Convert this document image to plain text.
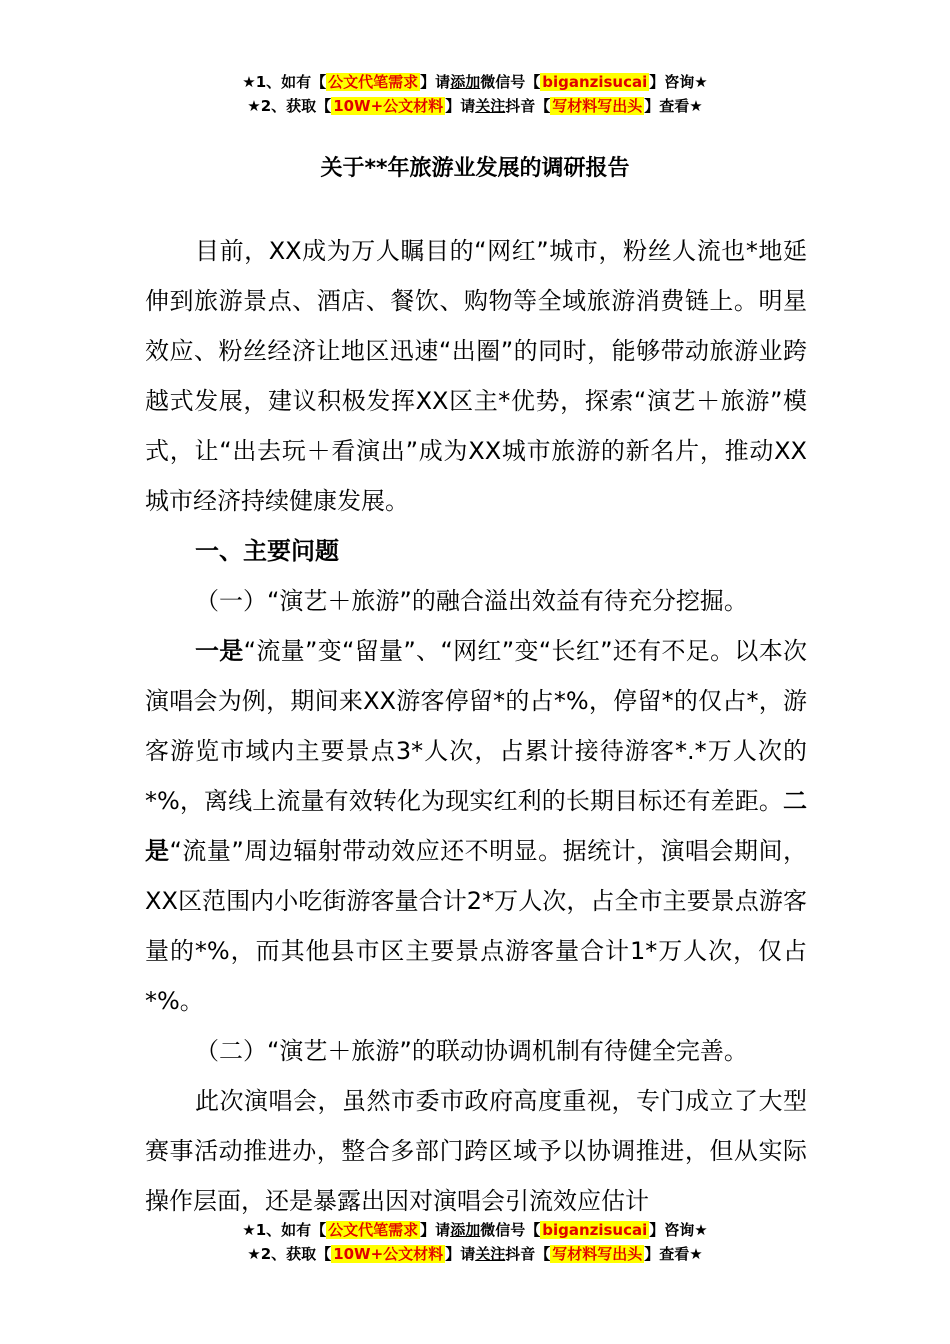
★1、如有【 公文代笔需求 】请添加微信号【 biganzisucai 】咨询★
★2、获取【 10W+公文材料 】请关注抖音【 写材料写出头 】查看★
关于**年旅游业发展的调研报告

目前，XX成为万人瞩目的“网红”城市，粉丝人流也*地延伸到旅游景点、酒店、餐饮、购物等全域旅游消费链上。明星效应、粉丝经济让地区迅速“出圈”的同时，能够带动旅游业跨越式发展，建议积极发挥XX区主*优势，探索“演艺＋旅游”模式，让“出去玩＋看演出”成为XX城市旅游的新名片，推动XX城市经济持续健康发展。

一、主要问题

（一）“演艺＋旅游”的融合溢出效益有待充分挖掘。

一是“流量”变“留量”、“网红”变“长红”还有不足。以本次演唱会为例，期间来XX游客停留*的占*%，停留*的仅占*，游客游览市域内主要景点3*人次，占累计接待游客*.*万人次的*%，离线上流量有效转化为现实红利的长期目标还有差距。二是“流量”周边辐射带动效应还不明显。据统计，演唱会期间，XX区范围内小吃街游客量合计2*万人次，占全市主要景点游客量的*%，而其他县市区主要景点游客量合计1*万人次，仅占*%。

（二）“演艺＋旅游”的联动协调机制有待健全完善。

此次演唱会，虽然市委市政府高度重视，专门成立了大型赛事活动推进办，整合多部门跨区域予以协调推进，但从实际操作层面，还是暴露出因对演唱会引流效应估计

★1、如有【 公文代笔需求 】请添加微信号【 biganzisucai 】咨询★
★2、获取【 10W+公文材料 】请关注抖音【 写材料写出头 】查看★
